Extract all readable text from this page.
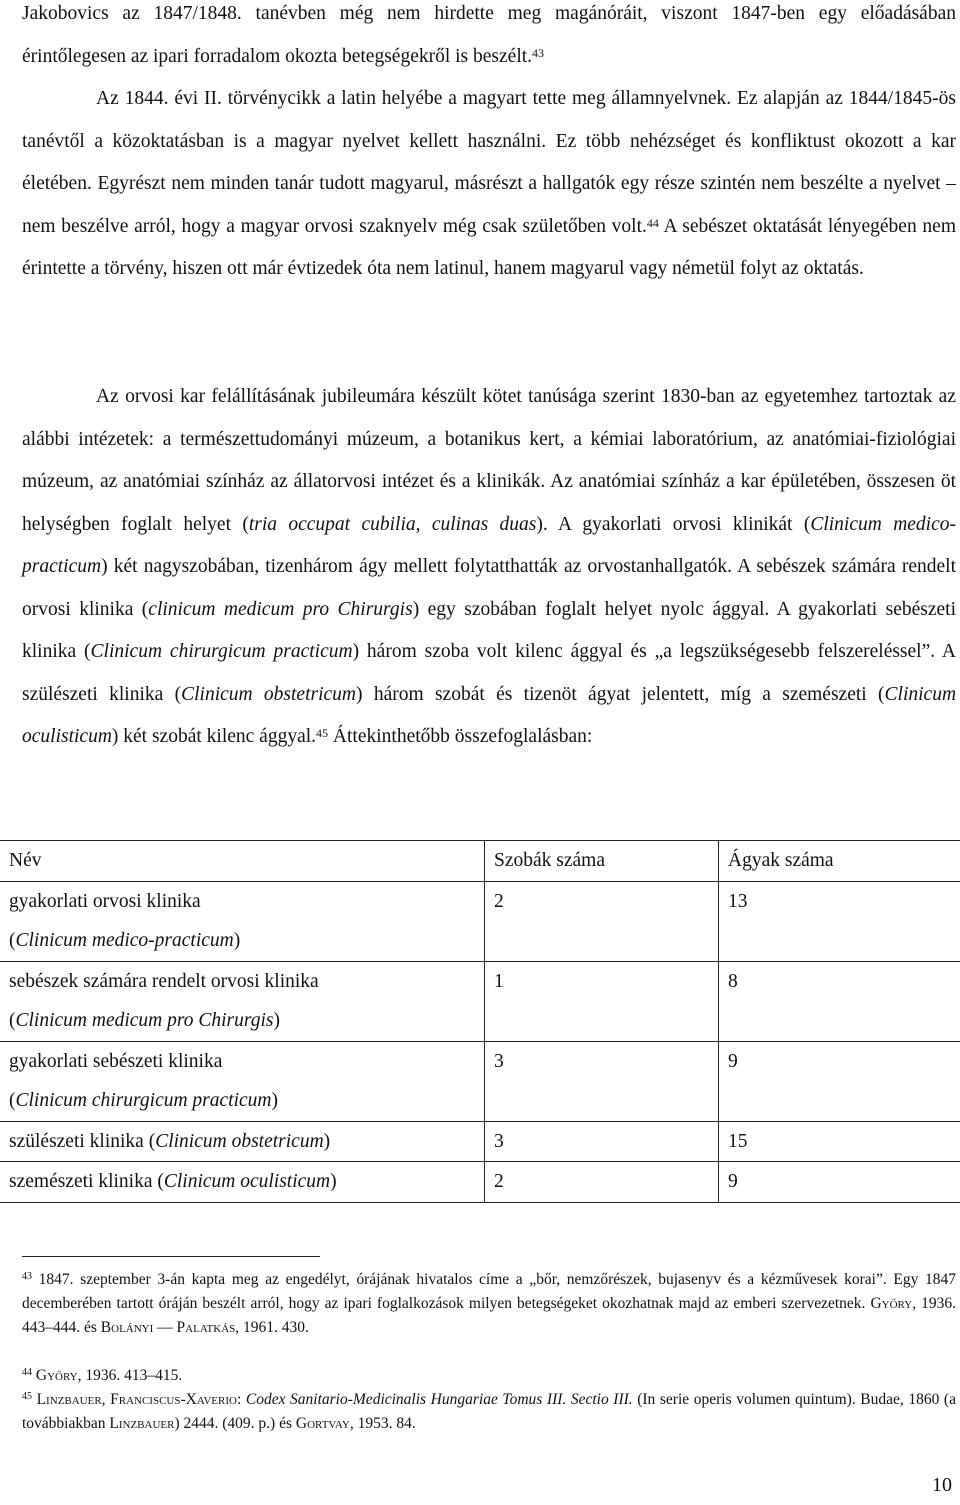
Jakobovics az 1847/1848. tanévben még nem hirdette meg magánóráit, viszont 1847-ben egy előadásában érintőlegesen az ipari forradalom okozta betegségekről is beszélt.$^{43}$

Az 1844. évi II. törvénycikk a latin helyébe a magyart tette meg államnyelvnek. Ez alapján az 1844/1845-ös tanévtől a közoktatásban is a magyar nyelvet kellett használni. Ez több nehézséget és konfliktust okozott a kar életében. Egyrészt nem minden tanár tudott magyarul, másrészt a hallgatók egy része szintén nem beszélte a nyelvet – nem beszélve arról, hogy a magyar orvosi szaknyelv még csak születőben volt.$^{44}$ A sebészet oktatását lényegében nem érintette a törvény, hiszen ott már évtizedek óta nem latinul, hanem magyarul vagy németül folyt az oktatás.

Az orvosi kar felállításának jubileumára készült kötet tanúsága szerint 1830-ban az egyetemhez tartoztak az alábbi intézetek: a természettudományi múzeum, a botanikus kert, a kémiai laboratórium, az anatómiai-fiziológiai múzeum, az anatómiai színház az állatorvosi intézet és a klinikák. Az anatómiai színház a kar épületében, összesen öt helységben foglalt helyet (tria occupat cubilia, culinas duas). A gyakorlati orvosi klinikát (Clinicum medico-practicum) két nagyszobában, tizenhárom ágy mellett folytatthatták az orvostanhallgatók. A sebészek számára rendelt orvosi klinika (clinicum medicum pro Chirurgis) egy szobában foglalt helyet nyolc ággyal. A gyakorlati sebészeti klinika (Clinicum chirurgicum practicum) három szoba volt kilenc ággyal és „a legszükségesebb felszereléssel”. A szülészeti klinika (Clinicum obstetricum) három szobát és tizenöt ágyat jelentett, míg a szemészeti (Clinicum oculisticum) két szobát kilenc ággyal.$^{45}$ Áttekinthetőbb összefoglalásban:

Név	Szobák száma	Ágyak száma
gyakorlati orvosi klinika
(Clinicum medico-practicum)	2	13
sebészek számára rendelt orvosi klinika
(Clinicum medicum pro Chirurgis)	1	8
gyakorlati sebészeti klinika
(Clinicum chirurgicum practicum)	3	9
szülészeti klinika (Clinicum obstetricum)	3	15
szemészeti klinika (Clinicum oculisticum)	2	9

$^{43}$ 1847. szeptember 3-án kapta meg az engedélyt, órájának hivatalos címe a „bőr, nemzőrészek, bujasenyv és a kézművesek korai”. Egy 1847 decemberében tartott óráján beszélt arról, hogy az ipari foglalkozások milyen betegségeket okozhatnak majd az emberi szervezetnek. Győry, 1936. 443–444. és Bolányi — Palatkás, 1961. 430.

$^{44}$ Győry, 1936. 413–415.

$^{45}$ Linzbauer, Franciscus-Xaverio: Codex Sanitario-Medicinalis Hungariae Tomus III. Sectio III. (In serie operis volumen quintum). Budae, 1860 (a továbbiakban Linzbauer) 2444. (409. p.) és Gortvay, 1953. 84.

10
